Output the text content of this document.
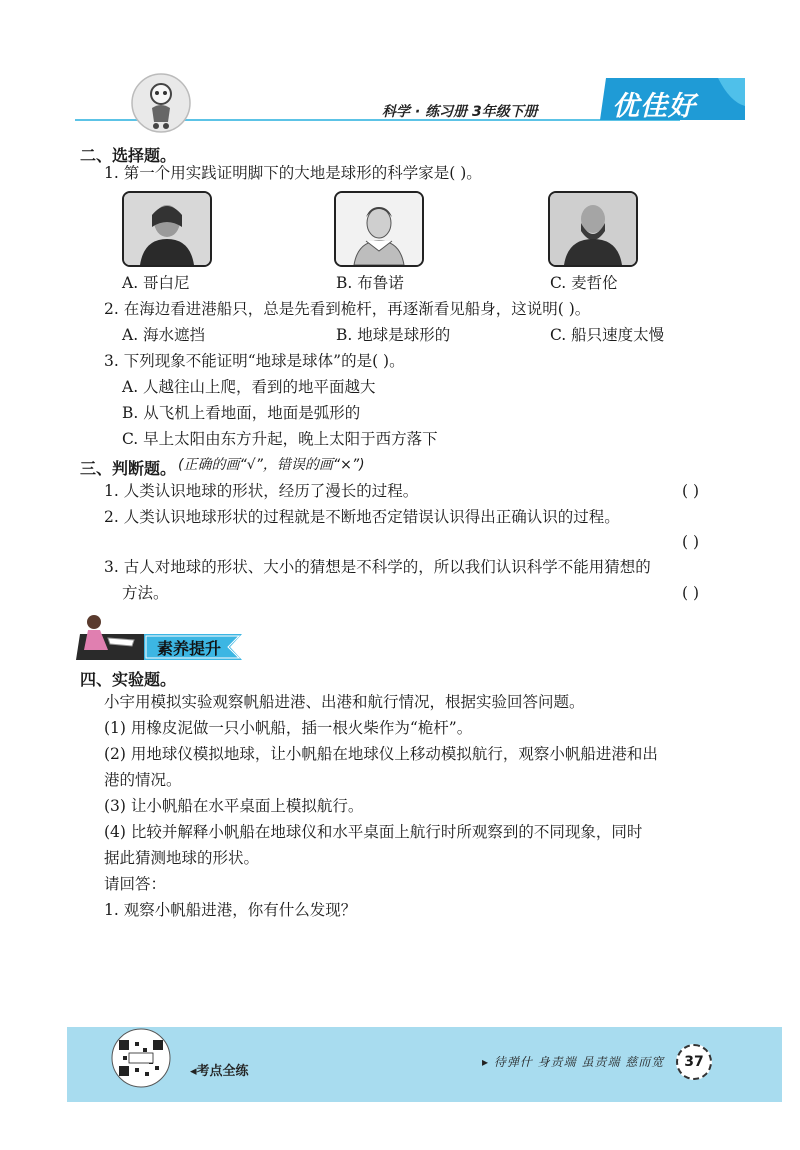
科学 · 练习册 3年级下册	优佳好
二、选择题。
1. 第一个用实践证明脚下的大地是球形的科学家是( )。
A. 哥白尼	B. 布鲁诺	C. 麦哲伦
2. 在海边看进港船只，总是先看到桅杆，再逐渐看见船身，这说明( )。
A. 海水遮挡	B. 地球是球形的	C. 船只速度太慢
3. 下列现象不能证明“地球是球体”的是( )。
A. 人越往山上爬，看到的地平面越大
B. 从飞机上看地面，地面是弧形的
C. 早上太阳由东方升起，晚上太阳于西方落下
三、判断题。 (正确的画“√”，错误的画“×”)
1. 人类认识地球的形状，经历了漫长的过程。	( )
2. 人类认识地球形状的过程就是不断地否定错误认识得出正确认识的过程。
( )
3. 古人对地球的形状、大小的猜想是不科学的，所以我们认识科学不能用猜想的
方法。	( )
素养提升
四、实验题。
小宇用模拟实验观察帆船进港、出港和航行情况，根据实验回答问题。
(1) 用橡皮泥做一只小帆船，插一根火柴作为“桅杆”。
(2) 用地球仪模拟地球，让小帆船在地球仪上移动模拟航行，观察小帆船进港和出
港的情况。
(3) 让小帆船在水平桌面上模拟航行。
(4) 比较并解释小帆船在地球仪和水平桌面上航行时所观察到的不同现象，同时
据此猜测地球的形状。
请回答：
1. 观察小帆船进港，你有什么发现？
◂考点全练
▸ 待弹什 身责端 虽责端 慈而宽	37
